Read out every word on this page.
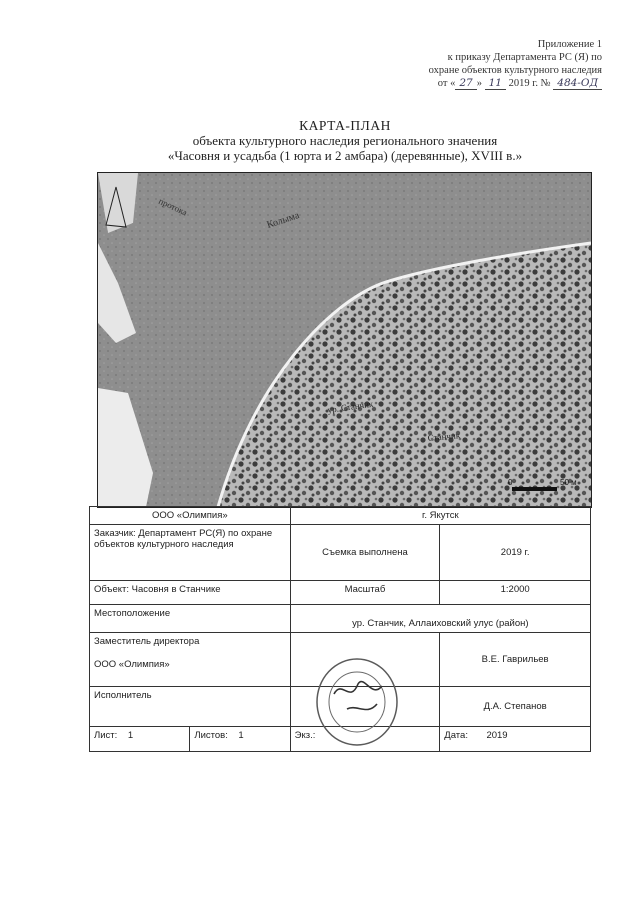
Приложение 1
к приказу Департамента РС (Я) по
охране объектов культурного наследия
от « 27 » 11 2019 г. № 484-ОД
КАРТА-ПЛАН
объекта культурного наследия регионального значения
«Часовня и усадьба (1 юрта и 2 амбара) (деревянные), XVIII в.»
Колыма
протока
ур. Станчик
Станчик
0	50 м
ООО «Олимпия»	г. Якутск	
Заказчик: Департамент РС(Я) по охране объектов культурного наследия	Съемка выполнена	2019 г.
Объект: Часовня в Станчике	Масштаб	1:2000
Местоположение	ур. Станчик, Аллаиховский улус (район)	

Заместитель директора
ООО «Олимпия»		В.Е. Гаврильев
Исполнитель		Д.А. Степанов

Лист: 1 Листов: 1	Экз.:	Дата: 2019
